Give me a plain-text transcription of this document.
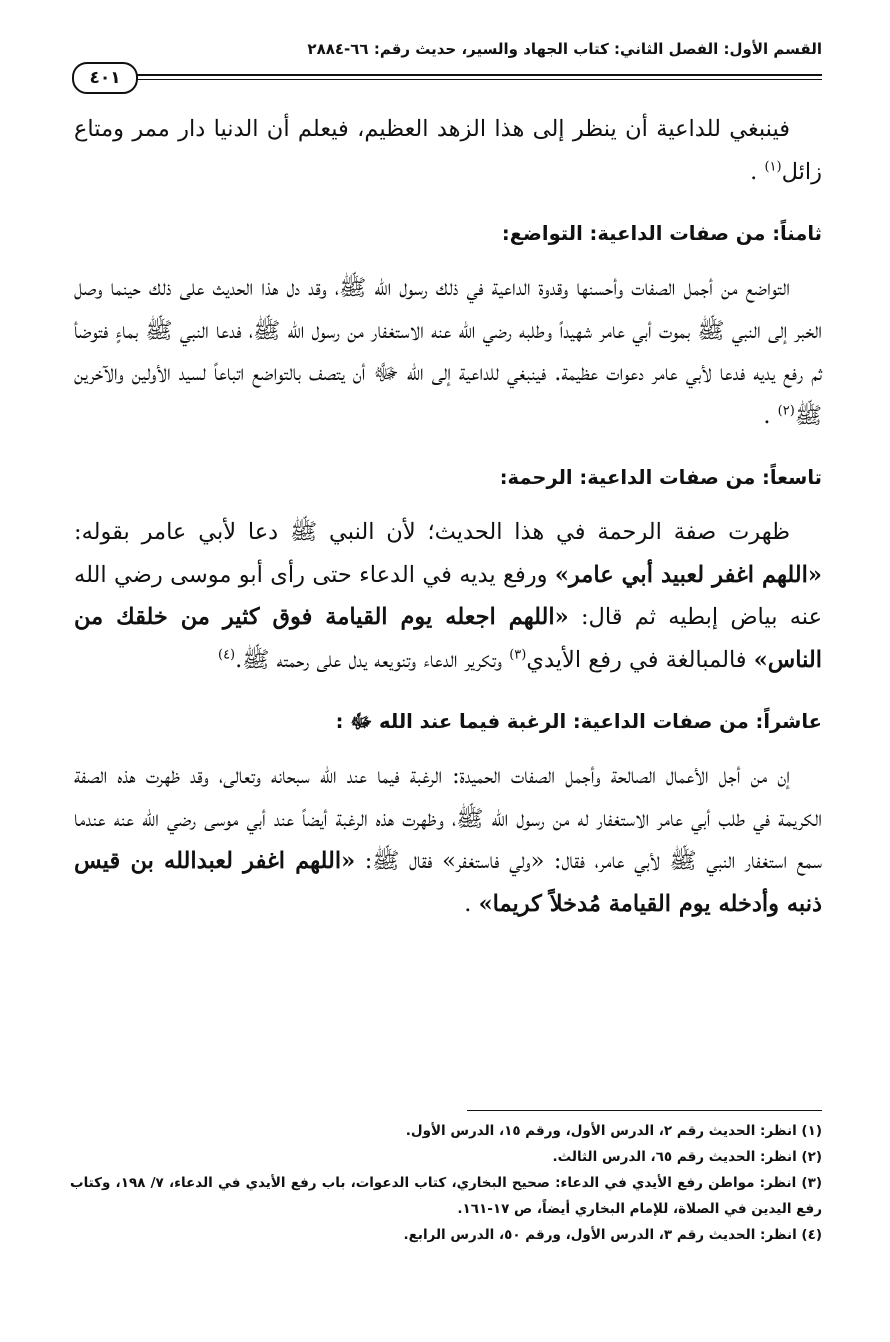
القسم الأول: الفصل الثاني: كتاب الجهاد والسير، حديث رقم: ٦٦-٢٨٨٤
٤٠١

فينبغي للداعية أن ينظر إلى هذا الزهد العظيم، فيعلم أن الدنيا دار ممر ومتاع زائل$^{(١)}$ .

ثامناً: من صفات الداعية: التواضع:

التواضع من أجمل الصفات وأحسنها وقدوة الداعية في ذلك رسول الله ﷺ، وقد دل هذا الحديث على ذلك حينما وصل الخبر إلى النبي ﷺ بموت أبي عامر شهيداً وطلبه رضي الله عنه الاستغفار من رسول الله ﷺ، فدعا النبي ﷺ بماءٍ فتوضأ ثم رفع يديه فدعا لأبي عامر دعوات عظيمة. فينبغي للداعية إلى الله ﷻ أن يتصف بالتواضع اتباعاً لسيد الأولين والآخرين ﷺ$^{(٢)}$ .

تاسعاً: من صفات الداعية: الرحمة:

ظهرت صفة الرحمة في هذا الحديث؛ لأن النبي ﷺ دعا لأبي عامر بقوله: «اللهم اغفر لعبيد أبي عامر» ورفع يديه في الدعاء حتى رأى أبو موسى رضي الله عنه بياض إبطيه ثم قال: «اللهم اجعله يوم القيامة فوق كثير من خلقك من الناس» فالمبالغة في رفع الأيدي$^{(٣)}$ وتكرير الدعاء وتنويعه يدل على رحمته ﷺ.$^{(٤)}$

عاشراً: من صفات الداعية: الرغبة فيما عند الله ﷻ :

إن من أجل الأعمال الصالحة وأجمل الصفات الحميدة: الرغبة فيما عند الله سبحانه وتعالى، وقد ظهرت هذه الصفة الكريمة في طلب أبي عامر الاستغفار له من رسول الله ﷺ، وظهرت هذه الرغبة أيضاً عند أبي موسى رضي الله عنه عندما سمع استغفار النبي ﷺ لأبي عامر، فقال: «ولي فاستغفر» فقال ﷺ: «اللهم اغفر لعبدالله بن قيس ذنبه وأدخله يوم القيامة مُدخلاً كريما» .

(١) انظر: الحديث رقم ٢، الدرس الأول، ورقم ١٥، الدرس الأول.

(٢) انظر: الحديث رقم ٦٥، الدرس الثالث.

(٣) انظر: مواطن رفع الأيدي في الدعاء: صحيح البخاري، كتاب الدعوات، باب رفع الأيدي في الدعاء، ٧/ ١٩٨، وكتاب رفع اليدين في الصلاة، للإمام البخاري أيضاً، ص ١٧-١٦١.

(٤) انظر: الحديث رقم ٣، الدرس الأول، ورقم ٥٠، الدرس الرابع.
